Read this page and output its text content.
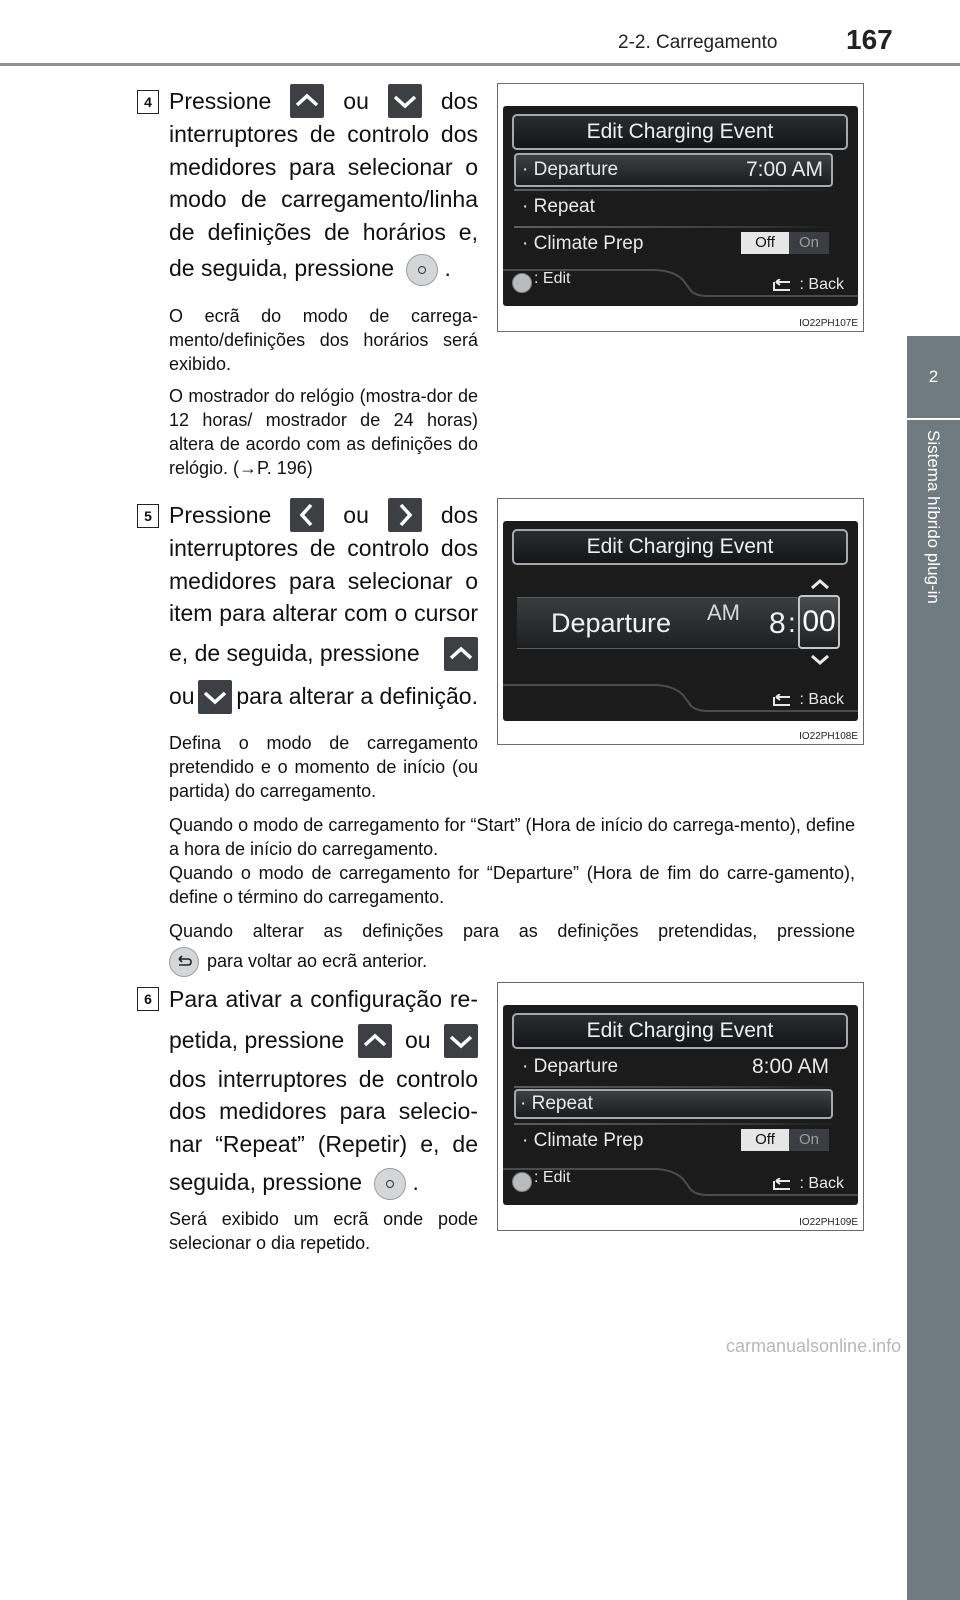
2-2. Carregamento 167
2
Sistema híbrido plug-in
4 Pressione	ou	dos
interruptores de controlo dos
medidores para selecionar o
modo de carregamento/linha
de definições de horários e,
de seguida, pressione .
O ecrã do modo de carrega-mento/definições dos horários será exibido.
O mostrador do relógio (mostra-dor de 12 horas/ mostrador de 24 horas) altera de acordo com as definições do relógio. (→P. 196)
Edit Charging Event
· Departure	7:00 AM
· Repeat
· Climate Prep	Off	On
: Edit	: Back
IO22PH107E
5 Pressione	ou	dos
interruptores de controlo dos
medidores para selecionar o
item para alterar com o cursor
e, de seguida, pressione
ou para alterar a definição.
Defina o modo de carregamento pretendido e o momento de início (ou partida) do carregamento.
Quando o modo de carregamento for “Start” (Hora de início do carrega-mento), define a hora de início do carregamento.
Quando o modo de carregamento for “Departure” (Hora de fim do carre-gamento), define o término do carregamento.
Quando alterar as definições para as definições pretendidas, pressione
para voltar ao ecrã anterior.
Edit Charging Event
Departure AM 8 : 00
: Back
IO22PH108E
6 Para ativar a configuração re-
petida, pressione	ou
dos interruptores de controlo
dos medidores para selecio-
nar “Repeat” (Repetir) e, de
seguida, pressione .
Será exibido um ecrã onde pode selecionar o dia repetido.
Edit Charging Event
· Departure	8:00 AM
· Repeat
· Climate Prep	Off	On
: Edit	: Back
IO22PH109E
carmanualsonline.info
